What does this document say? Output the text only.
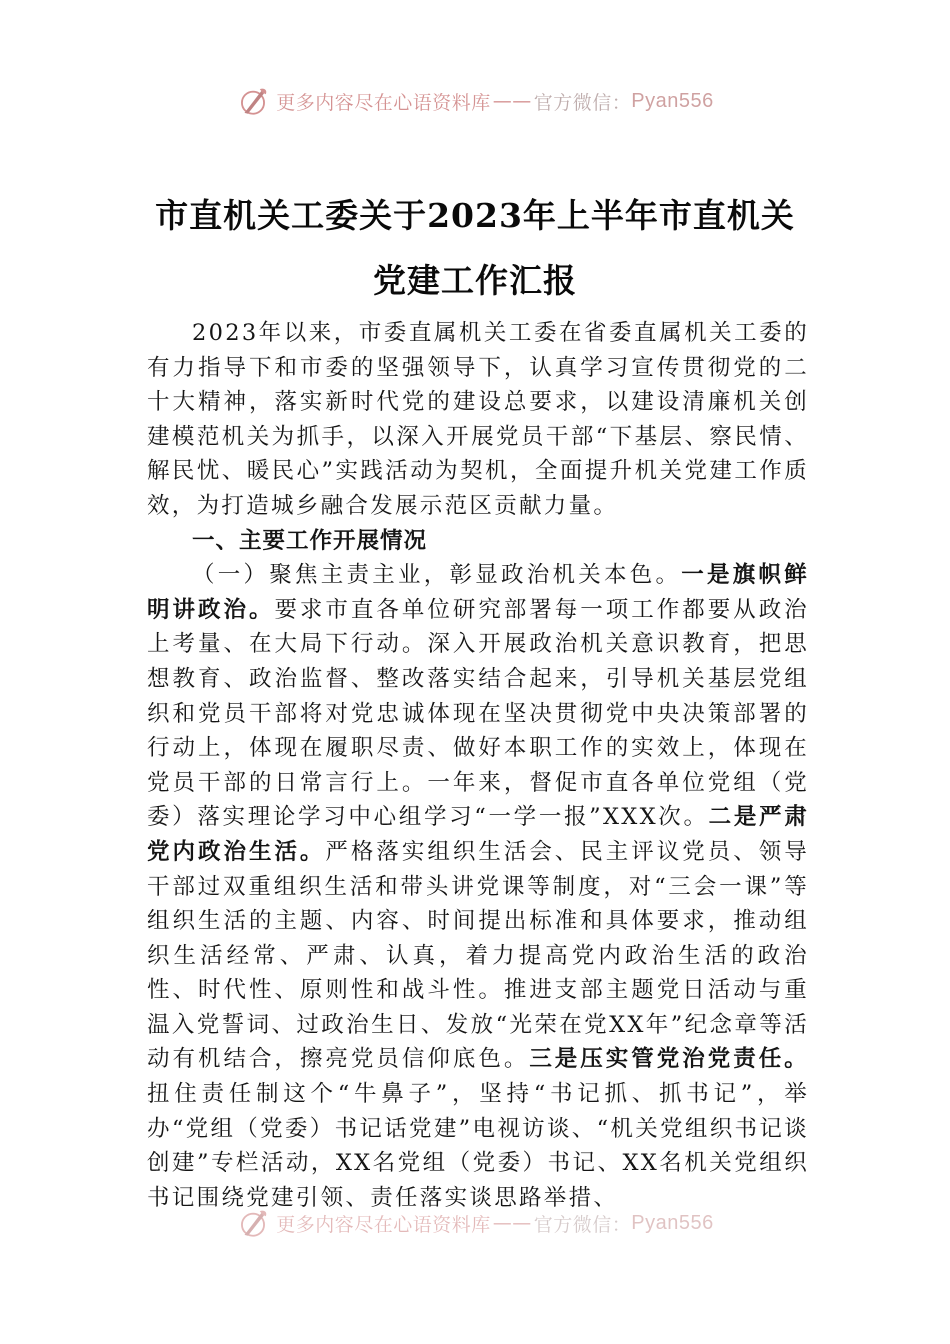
更多内容尽在心语资料库 —— 官方微信： Pyan556
市直机关工委关于2023年上半年市直机关
党建工作汇报

2023年以来，市委直属机关工委在省委直属机关工委的有力指导下和市委的坚强领导下，认真学习宣传贯彻党的二十大精神，落实新时代党的建设总要求，以建设清廉机关创建模范机关为抓手，以深入开展党员干部“下基层、察民情、解民忧、暖民心”实践活动为契机，全面提升机关党建工作质效，为打造城乡融合发展示范区贡献力量。

一、主要工作开展情况

（一）聚焦主责主业，彰显政治机关本色。一是旗帜鲜明讲政治。要求市直各单位研究部署每一项工作都要从政治上考量、在大局下行动。深入开展政治机关意识教育，把思想教育、政治监督、整改落实结合起来，引导机关基层党组织和党员干部将对党忠诚体现在坚决贯彻党中央决策部署的行动上，体现在履职尽责、做好本职工作的实效上，体现在党员干部的日常言行上。一年来，督促市直各单位党组（党委）落实理论学习中心组学习“一学一报”XXX次。二是严肃党内政治生活。严格落实组织生活会、民主评议党员、领导干部过双重组织生活和带头讲党课等制度，对“三会一课”等组织生活的主题、内容、时间提出标准和具体要求，推动组织生活经常、严肃、认真，着力提高党内政治生活的政治性、时代性、原则性和战斗性。推进支部主题党日活动与重温入党誓词、过政治生日、发放“光荣在党XX年”纪念章等活动有机结合，擦亮党员信仰底色。三是压实管党治党责任。扭住责任制这个“牛鼻子”，坚持“书记抓、抓书记”，举办“党组（党委）书记话党建”电视访谈、“机关党组织书记谈创建”专栏活动，XX名党组（党委）书记、XX名机关党组织书记围绕党建引领、责任落实谈思路举措、

更多内容尽在心语资料库 —— 官方微信： Pyan556
